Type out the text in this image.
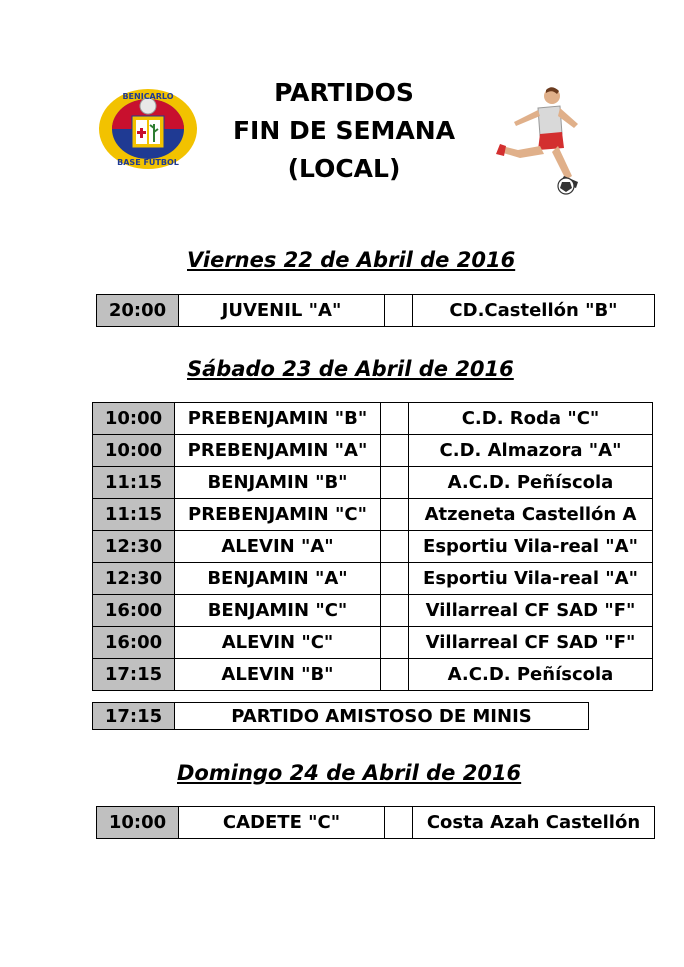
BENICARLO
BASE FUTBOL
PARTIDOS
FIN DE SEMANA
(LOCAL)
Viernes 22 de Abril de 2016
20:00	JUVENIL "A"		CD.Castellón "B"
Sábado 23 de Abril de 2016
10:00	PREBENJAMIN "B"		C.D. Roda "C"
10:00	PREBENJAMIN "A"		C.D. Almazora "A"
11:15	BENJAMIN "B"		A.C.D. Peñíscola
11:15	PREBENJAMIN "C"		Atzeneta Castellón A
12:30	ALEVIN "A"		Esportiu Vila-real "A"
12:30	BENJAMIN "A"		Esportiu Vila-real "A"
16:00	BENJAMIN "C"		Villarreal CF SAD "F"
16:00	ALEVIN "C"		Villarreal CF SAD "F"
17:15	ALEVIN "B"		A.C.D. Peñíscola
17:15	PARTIDO AMISTOSO DE MINIS
Domingo 24 de Abril de 2016
10:00	CADETE "C"		Costa Azah Castellón
